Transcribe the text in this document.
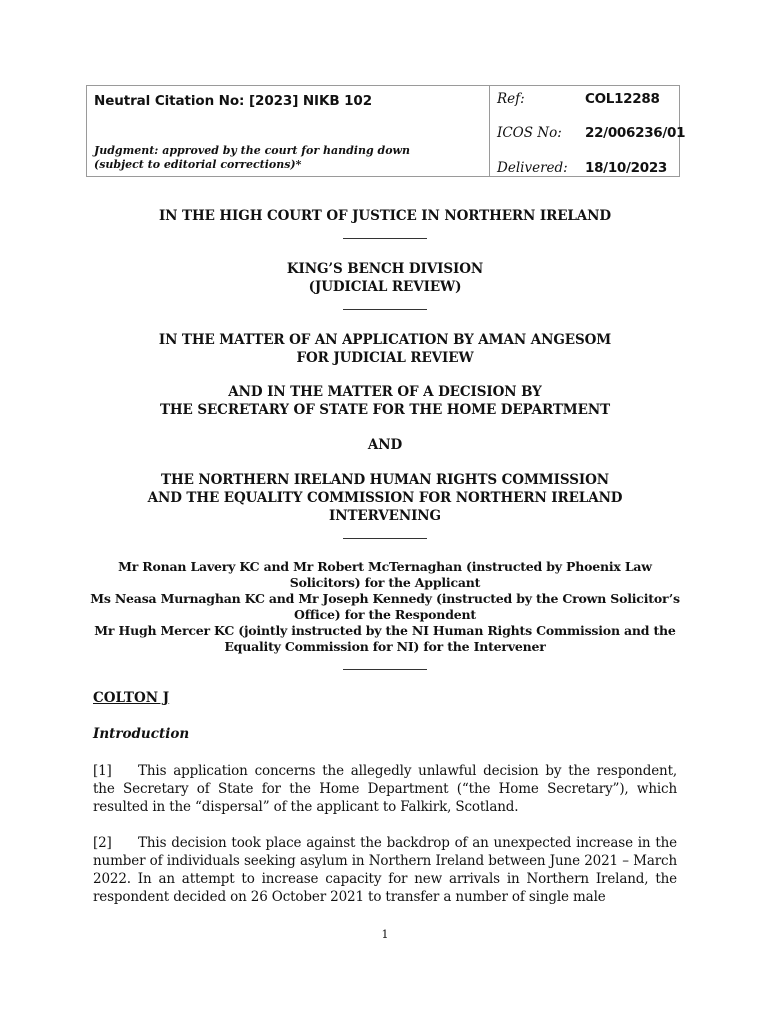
Neutral Citation No: [2023] NIKB 102
Judgment: approved by the court for handing down (subject to editorial corrections)*
Ref:	COL12288
ICOS No: 22/006236/01
Delivered: 18/10/2023
IN THE HIGH COURT OF JUSTICE IN NORTHERN IRELAND
KING’S BENCH DIVISION
(JUDICIAL REVIEW)
IN THE MATTER OF AN APPLICATION BY AMAN ANGESOM
FOR JUDICIAL REVIEW
AND IN THE MATTER OF A DECISION BY
THE SECRETARY OF STATE FOR THE HOME DEPARTMENT
AND
THE NORTHERN IRELAND HUMAN RIGHTS COMMISSION
AND THE EQUALITY COMMISSION FOR NORTHERN IRELAND
INTERVENING
Mr Ronan Lavery KC and Mr Robert McTernaghan (instructed by Phoenix Law
Solicitors) for the Applicant
Ms Neasa Murnaghan KC and Mr Joseph Kennedy (instructed by the Crown Solicitor’s
Office) for the Respondent
Mr Hugh Mercer KC (jointly instructed by the NI Human Rights Commission and the
Equality Commission for NI) for the Intervener
COLTON J
Introduction
[1] This application concerns the allegedly unlawful decision by the respondent, the Secretary of State for the Home Department (“the Home Secretary”), which resulted in the “dispersal” of the applicant to Falkirk, Scotland.
[2] This decision took place against the backdrop of an unexpected increase in the number of individuals seeking asylum in Northern Ireland between June 2021 – March 2022. In an attempt to increase capacity for new arrivals in Northern Ireland, the respondent decided on 26 October 2021 to transfer a number of single male
1
